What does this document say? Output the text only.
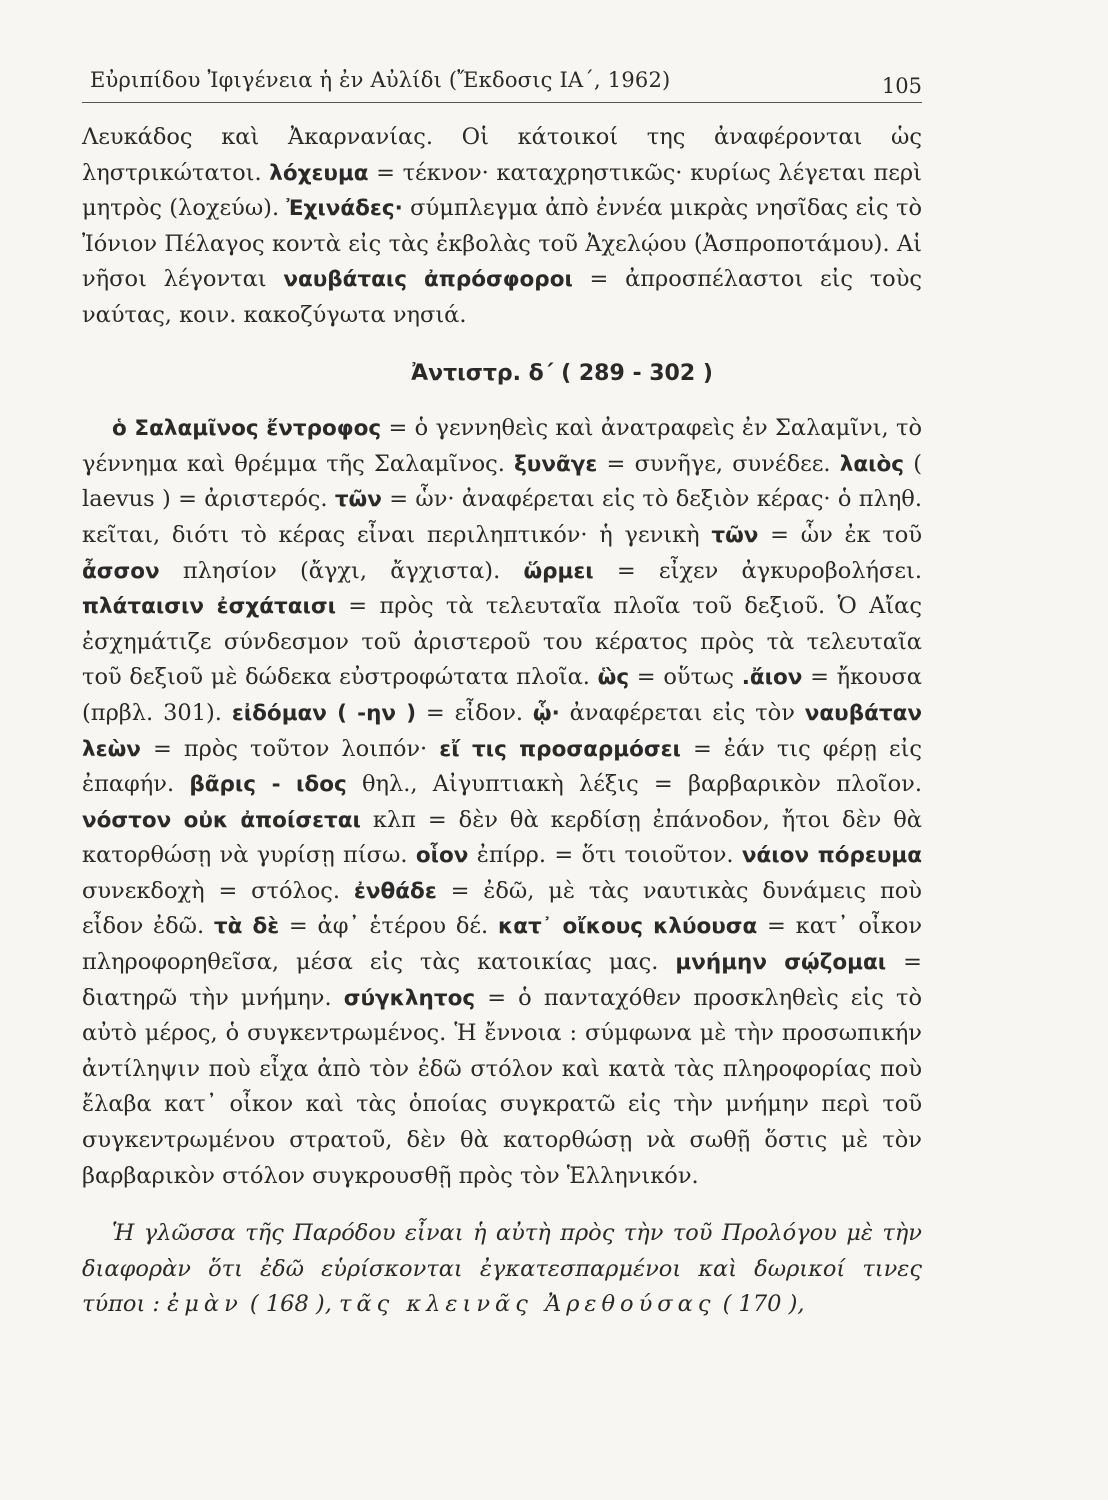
Εὐριπίδου Ἰφιγένεια ἡ ἐν Αὐλίδι (Ἔκδοσις ΙΑ΄, 1962)	105

Λευκάδος καὶ Ἀκαρνανίας. Οἱ κάτοικοί της ἀναφέρονται ὡς ληστρικώτατοι. λόχευμα = τέκνον· καταχρηστικῶς· κυρίως λέγεται περὶ μητρὸς (λοχεύω). Ἐχινάδες· σύμπλεγμα ἀπὸ ἐννέα μικρὰς νησῖδας εἰς τὸ Ἰόνιον Πέλαγος κοντὰ εἰς τὰς ἐκβολὰς τοῦ Ἀχελῴου (Ἀσπροποτάμου). Αἱ νῆσοι λέγονται ναυβάταις ἀπρόσφοροι = ἀπροσπέλαστοι εἰς τοὺς ναύτας, κοιν. κακοζύγωτα νησιά.

Ἀντιστρ. δ΄ ( 289 - 302 )

ὁ Σαλαμῖνος ἔντροφος = ὁ γεννηθεὶς καὶ ἀνατραφεὶς ἐν Σαλαμῖνι, τὸ γέννημα καὶ θρέμμα τῆς Σαλαμῖνος. ξυνᾶγε = συνῆγε, συνέδεε. λαιὸς ( laevus ) = ἀριστερός. τῶν = ὧν· ἀναφέρεται εἰς τὸ δεξιὸν κέρας· ὁ πληθ. κεῖται, διότι τὸ κέρας εἶναι περιληπτικόν· ἡ γενικὴ τῶν = ὧν ἐκ τοῦ ἆσσον πλησίον (ἄγχι, ἄγχιστα). ὥρμει = εἶχεν ἀγκυροβολήσει. πλάταισιν ἐσχάταισι = πρὸς τὰ τελευταῖα πλοῖα τοῦ δεξιοῦ. Ὁ Αἴας ἐσχημάτιζε σύνδεσμον τοῦ ἀριστεροῦ του κέρατος πρὸς τὰ τελευταῖα τοῦ δεξιοῦ μὲ δώδεκα εὐστροφώτατα πλοῖα. ὣς = οὕτως .ἄιον = ἤκουσα (πρβλ. 301). εἰδόμαν ( -ην ) = εἶδον. ᾧ· ἀναφέρεται εἰς τὸν ναυβάταν λεὼν = πρὸς τοῦτον λοιπόν· εἴ τις προσαρμόσει = ἐάν τις φέρῃ εἰς ἐπαφήν. βᾶρις - ιδος θηλ., Αἰγυπτιακὴ λέξις = βαρβαρικὸν πλοῖον. νόστον οὐκ ἀποίσεται κλπ = δὲν θὰ κερδίσῃ ἐπάνοδον, ἤτοι δὲν θὰ κατορθώσῃ νὰ γυρίσῃ πίσω. οἷον ἐπίρρ. = ὅτι τοιοῦτον. νάιον πόρευμα συνεκδοχὴ = στόλος. ἐνθάδε = ἐδῶ, μὲ τὰς ναυτικὰς δυνάμεις ποὺ εἶδον ἐδῶ. τὰ δὲ = ἀφ᾽ ἑτέρου δέ. κατ᾽ οἴκους κλύουσα = κατ᾽ οἶκον πληροφορηθεῖσα, μέσα εἰς τὰς κατοικίας μας. μνήμην σῴζομαι = διατηρῶ τὴν μνήμην. σύγκλητος = ὁ πανταχόθεν προσκληθεὶς εἰς τὸ αὐτὸ μέρος, ὁ συγκεντρωμένος. Ἡ ἔννοια : σύμφωνα μὲ τὴν προσωπικήν ἀντίληψιν ποὺ εἶχα ἀπὸ τὸν ἐδῶ στόλον καὶ κατὰ τὰς πληροφορίας ποὺ ἔλαβα κατ᾽ οἶκον καὶ τὰς ὁποίας συγκρατῶ εἰς τὴν μνήμην περὶ τοῦ συγκεντρωμένου στρατοῦ, δὲν θὰ κατορθώσῃ νὰ σωθῇ ὅστις μὲ τὸν βαρβαρικὸν στόλον συγκρουσθῇ πρὸς τὸν Ἑλληνικόν.

Ἡ γλῶσσα τῆς Παρόδου εἶναι ἡ αὐτὴ πρὸς τὴν τοῦ Προλόγου μὲ τὴν διαφορὰν ὅτι ἐδῶ εὑρίσκονται ἐγκατεσπαρμένοι καὶ δωρικοί τινες τύποι : ἐμὰν ( 168 ), τᾶς κλεινᾶς Ἀρεθούσας ( 170 ),
